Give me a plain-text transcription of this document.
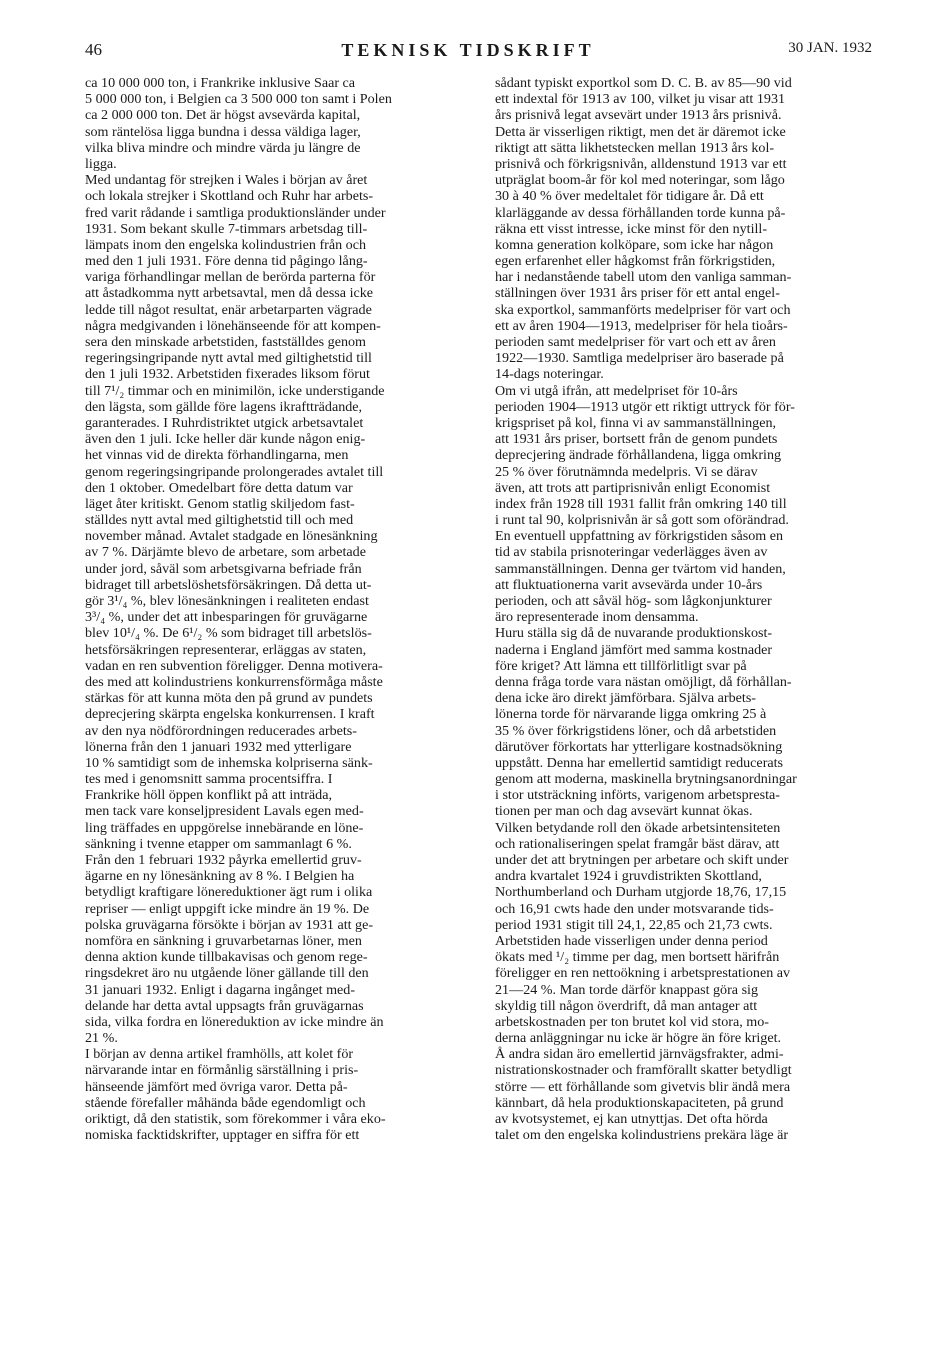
46	TEKNISK TIDSKRIFT	30 JAN. 1932
ca 10 000 000 ton, i Frankrike inklusive Saar ca
5 000 000 ton, i Belgien ca 3 500 000 ton samt i Polen
ca 2 000 000 ton. Det är högst avsevärda kapital,
som räntelösa ligga bundna i dessa väldiga lager,
vilka bliva mindre och mindre värda ju längre de
ligga.
Med undantag för strejken i Wales i början av året
och lokala strejker i Skottland och Ruhr har arbets-
fred varit rådande i samtliga produktionsländer under
1931. Som bekant skulle 7-timmars arbetsdag till-
lämpats inom den engelska kolindustrien från och
med den 1 juli 1931. Före denna tid pågingo lång-
variga förhandlingar mellan de berörda parterna för
att åstadkomma nytt arbetsavtal, men då dessa icke
ledde till något resultat, enär arbetarparten vägrade
några medgivanden i lönehänseende för att kompen-
sera den minskade arbetstiden, fastställdes genom
regeringsingripande nytt avtal med giltighetstid till
den 1 juli 1932. Arbetstiden fixerades liksom förut
till 7¹/₂ timmar och en minimilön, icke understigande
den lägsta, som gällde före lagens ikraftträdande,
garanterades. I Ruhrdistriktet utgick arbetsavtalet
även den 1 juli. Icke heller där kunde någon enig-
het vinnas vid de direkta förhandlingarna, men
genom regeringsingripande prolongerades avtalet till
den 1 oktober. Omedelbart före detta datum var
läget åter kritiskt. Genom statlig skiljedom fast-
ställdes nytt avtal med giltighetstid till och med
november månad. Avtalet stadgade en lönesänkning
av 7 %. Därjämte blevo de arbetare, som arbetade
under jord, såväl som arbetsgivarna befriade från
bidraget till arbetslöshetsförsäkringen. Då detta ut-
gör 3¹/₄ %, blev lönesänkningen i realiteten endast
3³/₄ %, under det att inbesparingen för gruvägarne
blev 10¹/₄ %. De 6¹/₂ % som bidraget till arbetslös-
hetsförsäkringen representerar, erläggas av staten,
vadan en ren subvention föreligger. Denna motivera-
des med att kolindustriens konkurrensförmåga måste
stärkas för att kunna möta den på grund av pundets
deprecjering skärpta engelska konkurrensen. I kraft
av den nya nödförordningen reducerades arbets-
lönerna från den 1 januari 1932 med ytterligare
10 % samtidigt som de inhemska kolpriserna sänk-
tes med i genomsnitt samma procentsiffra. I
Frankrike höll öppen konflikt på att inträda,
men tack vare konseljpresident Lavals egen med-
ling träffades en uppgörelse innebärande en löne-
sänkning i tvenne etapper om sammanlagt 6 %.
Från den 1 februari 1932 påyrka emellertid gruv-
ägarne en ny lönesänkning av 8 %. I Belgien ha
betydligt kraftigare lönereduktioner ägt rum i olika
repriser — enligt uppgift icke mindre än 19 %. De
polska gruvägarna försökte i början av 1931 att ge-
nomföra en sänkning i gruvarbetarnas löner, men
denna aktion kunde tillbakavisas och genom rege-
ringsdekret äro nu utgående löner gällande till den
31 januari 1932. Enligt i dagarna ingånget med-
delande har detta avtal uppsagts från gruvägarnas
sida, vilka fordra en lönereduktion av icke mindre än
21 %.
I början av denna artikel framhölls, att kolet för
närvarande intar en förmånlig särställning i pris-
hänseende jämfört med övriga varor. Detta på-
stående förefaller måhända både egendomligt och
oriktigt, då den statistik, som förekommer i våra eko-
nomiska facktidskrifter, upptager en siffra för ett
sådant typiskt exportkol som D. C. B. av 85—90 vid
ett indextal för 1913 av 100, vilket ju visar att 1931
års prisnivå legat avsevärt under 1913 års prisnivå.
Detta är visserligen riktigt, men det är däremot icke
riktigt att sätta likhetstecken mellan 1913 års kol-
prisnivå och förkrigsnivån, alldenstund 1913 var ett
utpräglat boom-år för kol med noteringar, som lågo
30 à 40 % över medeltalet för tidigare år. Då ett
klarläggande av dessa förhållanden torde kunna på-
räkna ett visst intresse, icke minst för den nytill-
komna generation kolköpare, som icke har någon
egen erfarenhet eller hågkomst från förkrigstiden,
har i nedanstående tabell utom den vanliga samman-
ställningen över 1931 års priser för ett antal engel-
ska exportkol, sammanförts medelpriser för vart och
ett av åren 1904—1913, medelpriser för hela tioårs-
perioden samt medelpriser för vart och ett av åren
1922—1930. Samtliga medelpriser äro baserade på
14-dags noteringar.
Om vi utgå ifrån, att medelpriset för 10-års
perioden 1904—1913 utgör ett riktigt uttryck för för-
krigspriset på kol, finna vi av sammanställningen,
att 1931 års priser, bortsett från de genom pundets
deprecjering ändrade förhållandena, ligga omkring
25 % över förutnämnda medelpris. Vi se därav
även, att trots att partiprisnivån enligt Economist
index från 1928 till 1931 fallit från omkring 140 till
i runt tal 90, kolprisnivån är så gott som oförändrad.
En eventuell uppfattning av förkrigstiden såsom en
tid av stabila prisnoteringar vederlägges även av
sammanställningen. Denna ger tvärtom vid handen,
att fluktuationerna varit avsevärda under 10-års
perioden, och att såväl hög- som lågkonjunkturer
äro representerade inom densamma.
Huru ställa sig då de nuvarande produktionskost-
naderna i England jämfört med samma kostnader
före kriget? Att lämna ett tillförlitligt svar på
denna fråga torde vara nästan omöjligt, då förhållan-
dena icke äro direkt jämförbara. Själva arbets-
lönerna torde för närvarande ligga omkring 25 à
35 % över förkrigstidens löner, och då arbetstiden
därutöver förkortats har ytterligare kostnadsökning
uppstått. Denna har emellertid samtidigt reducerats
genom att moderna, maskinella brytningsanordningar
i stor utsträckning införts, varigenom arbetspresta-
tionen per man och dag avsevärt kunnat ökas.
Vilken betydande roll den ökade arbetsintensiteten
och rationaliseringen spelat framgår bäst därav, att
under det att brytningen per arbetare och skift under
andra kvartalet 1924 i gruvdistrikten Skottland,
Northumberland och Durham utgjorde 18,76, 17,15
och 16,91 cwts hade den under motsvarande tids-
period 1931 stigit till 24,1, 22,85 och 21,73 cwts.
Arbetstiden hade visserligen under denna period
ökats med ¹/₂ timme per dag, men bortsett härifrån
föreligger en ren nettoökning i arbetsprestationen av
21—24 %. Man torde därför knappast göra sig
skyldig till någon överdrift, då man antager att
arbetskostnaden per ton brutet kol vid stora, mo-
derna anläggningar nu icke är högre än före kriget.
Å andra sidan äro emellertid järnvägsfrakter, admi-
nistrationskostnader och framförallt skatter betydligt
större — ett förhållande som givetvis blir ändå mera
kännbart, då hela produktionskapaciteten, på grund
av kvotsystemet, ej kan utnyttjas. Det ofta hörda
talet om den engelska kolindustriens prekära läge är
